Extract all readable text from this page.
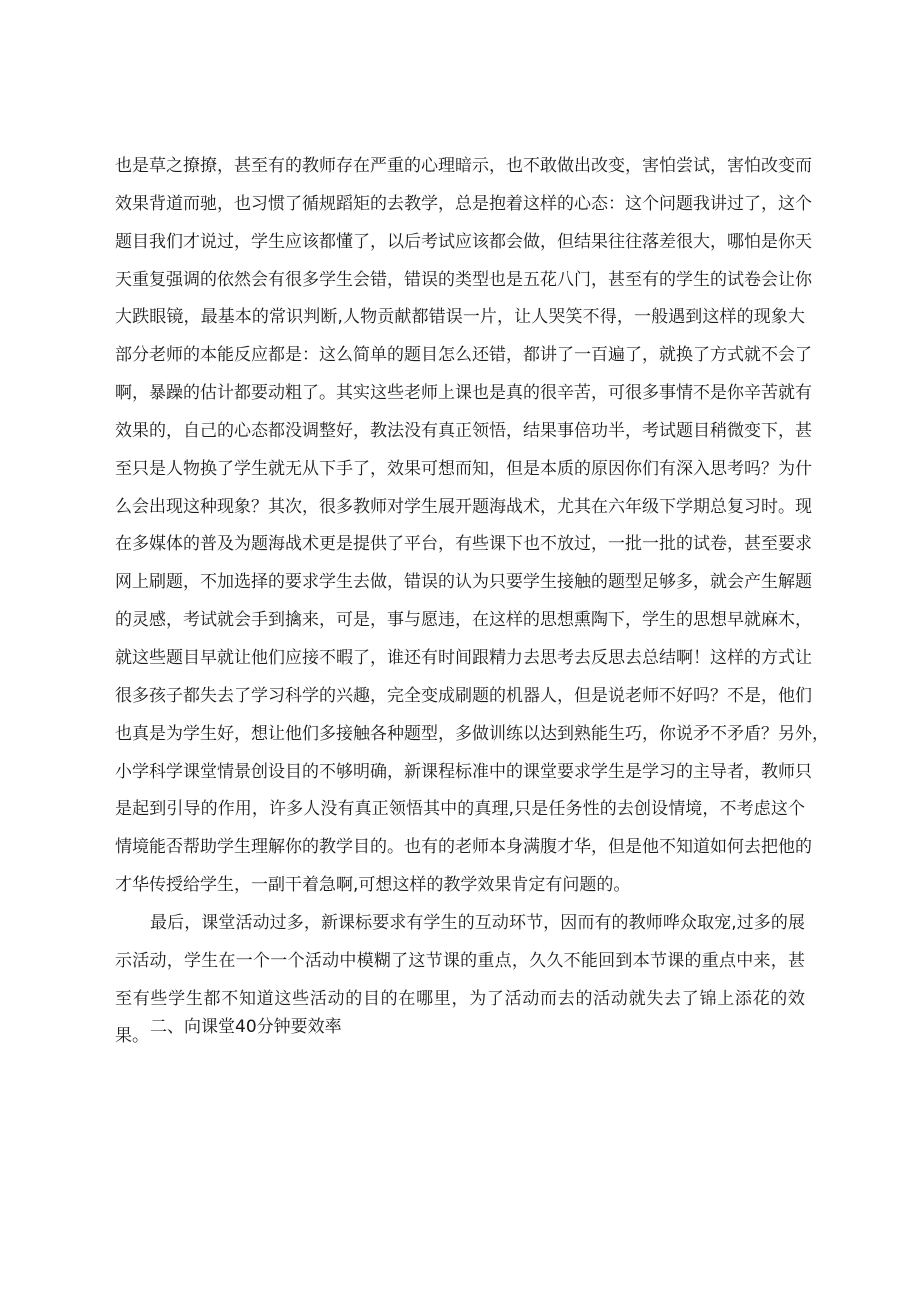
也是草之撩撩，甚至有的教师存在严重的心理暗示，也不敢做出改变，害怕尝试，害怕改变而
效果背道而驰，也习惯了循规蹈矩的去教学，总是抱着这样的心态：这个问题我讲过了，这个
题目我们才说过，学生应该都懂了，以后考试应该都会做，但结果往往落差很大，哪怕是你天
天重复强调的依然会有很多学生会错，错误的类型也是五花八门，甚至有的学生的试卷会让你
大跌眼镜，最基本的常识判断,人物贡献都错误一片，让人哭笑不得，一般遇到这样的现象大
部分老师的本能反应都是：这么简单的题目怎么还错，都讲了一百遍了，就换了方式就不会了
啊，暴躁的估计都要动粗了。其实这些老师上课也是真的很辛苦，可很多事情不是你辛苦就有
效果的，自己的心态都没调整好，教法没有真正领悟，结果事倍功半，考试题目稍微变下，甚
至只是人物换了学生就无从下手了，效果可想而知，但是本质的原因你们有深入思考吗？为什
么会出现这种现象？其次，很多教师对学生展开题海战术，尤其在六年级下学期总复习时。现
在多媒体的普及为题海战术更是提供了平台，有些课下也不放过，一批一批的试卷，甚至要求
网上刷题，不加选择的要求学生去做，错误的认为只要学生接触的题型足够多，就会产生解题
的灵感，考试就会手到擒来，可是，事与愿违，在这样的思想熏陶下，学生的思想早就麻木，
就这些题目早就让他们应接不暇了，谁还有时间跟精力去思考去反思去总结啊！这样的方式让
很多孩子都失去了学习科学的兴趣，完全变成刷题的机器人，但是说老师不好吗？不是，他们
也真是为学生好，想让他们多接触各种题型，多做训练以达到熟能生巧，你说矛不矛盾？另外，
小学科学课堂情景创设目的不够明确，新课程标准中的课堂要求学生是学习的主导者，教师只
是起到引导的作用，许多人没有真正领悟其中的真理,只是任务性的去创设情境，不考虑这个
情境能否帮助学生理解你的教学目的。也有的老师本身满腹才华，但是他不知道如何去把他的
才华传授给学生，一副干着急啊,可想这样的教学效果肯定有问题的。
最后，课堂活动过多，新课标要求有学生的互动环节，因而有的教师哗众取宠,过多的展
示活动，学生在一个一个活动中模糊了这节课的重点，久久不能回到本节课的重点中来，甚
至有些学生都不知道这些活动的目的在哪里，为了活动而去的活动就失去了锦上添花的效
果。 二、向课堂40分钟要效率
